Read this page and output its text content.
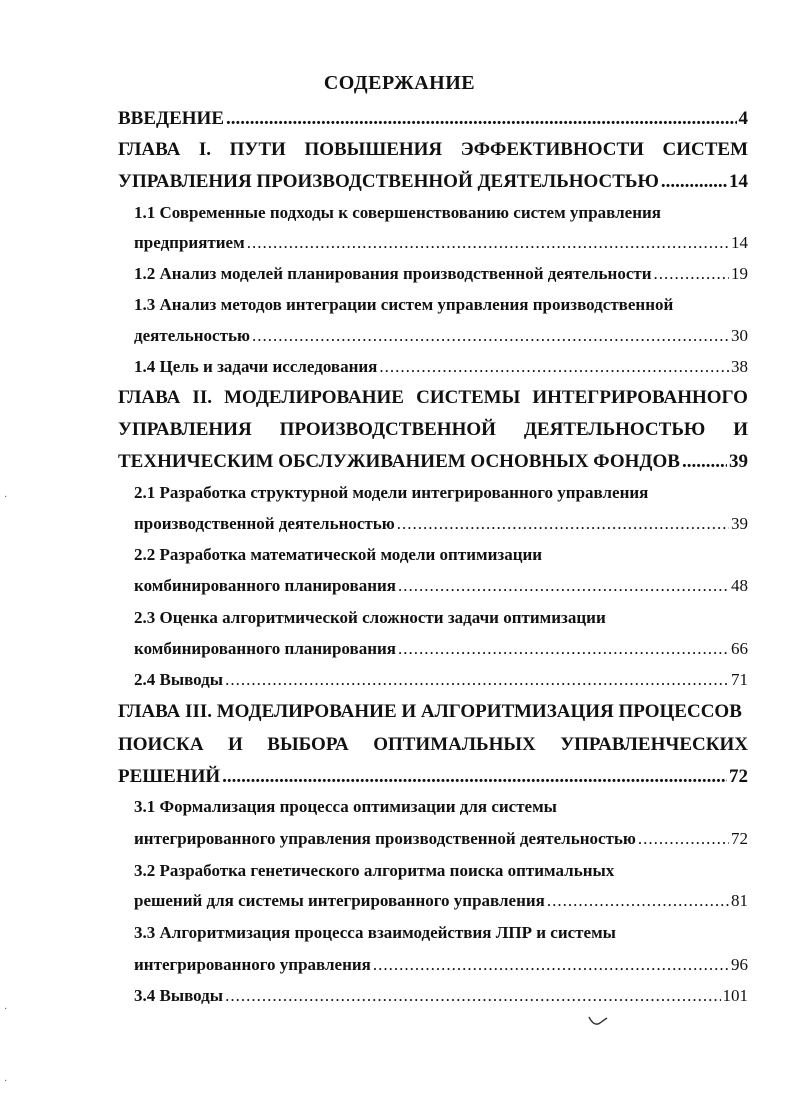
СОДЕРЖАНИЕ
ВВЕДЕНИЕ .....	4
ГЛАВА I. ПУТИ ПОВЫШЕНИЯ ЭФФЕКТИВНОСТИ СИСТЕМ
УПРАВЛЕНИЯ ПРОИЗВОДСТВЕННОЙ ДЕЯТЕЛЬНОСТЬЮ .....	14
1.1 Современные подходы к совершенствованию систем управления
предприятием .....	14
1.2 Анализ моделей планирования производственной деятельности .....	19
1.3 Анализ методов интеграции систем управления производственной
деятельностью .....	30
1.4 Цель и задачи исследования .....	38
ГЛАВА II. МОДЕЛИРОВАНИЕ СИСТЕМЫ ИНТЕГРИРОВАННОГО
УПРАВЛЕНИЯ ПРОИЗВОДСТВЕННОЙ ДЕЯТЕЛЬНОСТЬЮ И
ТЕХНИЧЕСКИМ ОБСЛУЖИВАНИЕМ ОСНОВНЫХ ФОНДОВ .....	39
2.1 Разработка структурной модели интегрированного управления
производственной деятельностью .....	39
2.2 Разработка математической модели оптимизации
комбинированного планирования .....	48
2.3 Оценка алгоритмической сложности задачи оптимизации
комбинированного планирования .....	66
2.4 Выводы .....	71
ГЛАВА III. МОДЕЛИРОВАНИЕ И АЛГОРИТМИЗАЦИЯ ПРОЦЕССОВ
ПОИСКА И ВЫБОРА ОПТИМАЛЬНЫХ УПРАВЛЕНЧЕСКИХ
РЕШЕНИЙ .....	72
3.1 Формализация процесса оптимизации для системы
интегрированного управления производственной деятельностью .....	72
3.2 Разработка генетического алгоритма поиска оптимальных
решений для системы интегрированного управления .....	81
3.3 Алгоритмизация процесса взаимодействия ЛПР и системы
интегрированного управления .....	96
3.4 Выводы .....	101
·
·
·
